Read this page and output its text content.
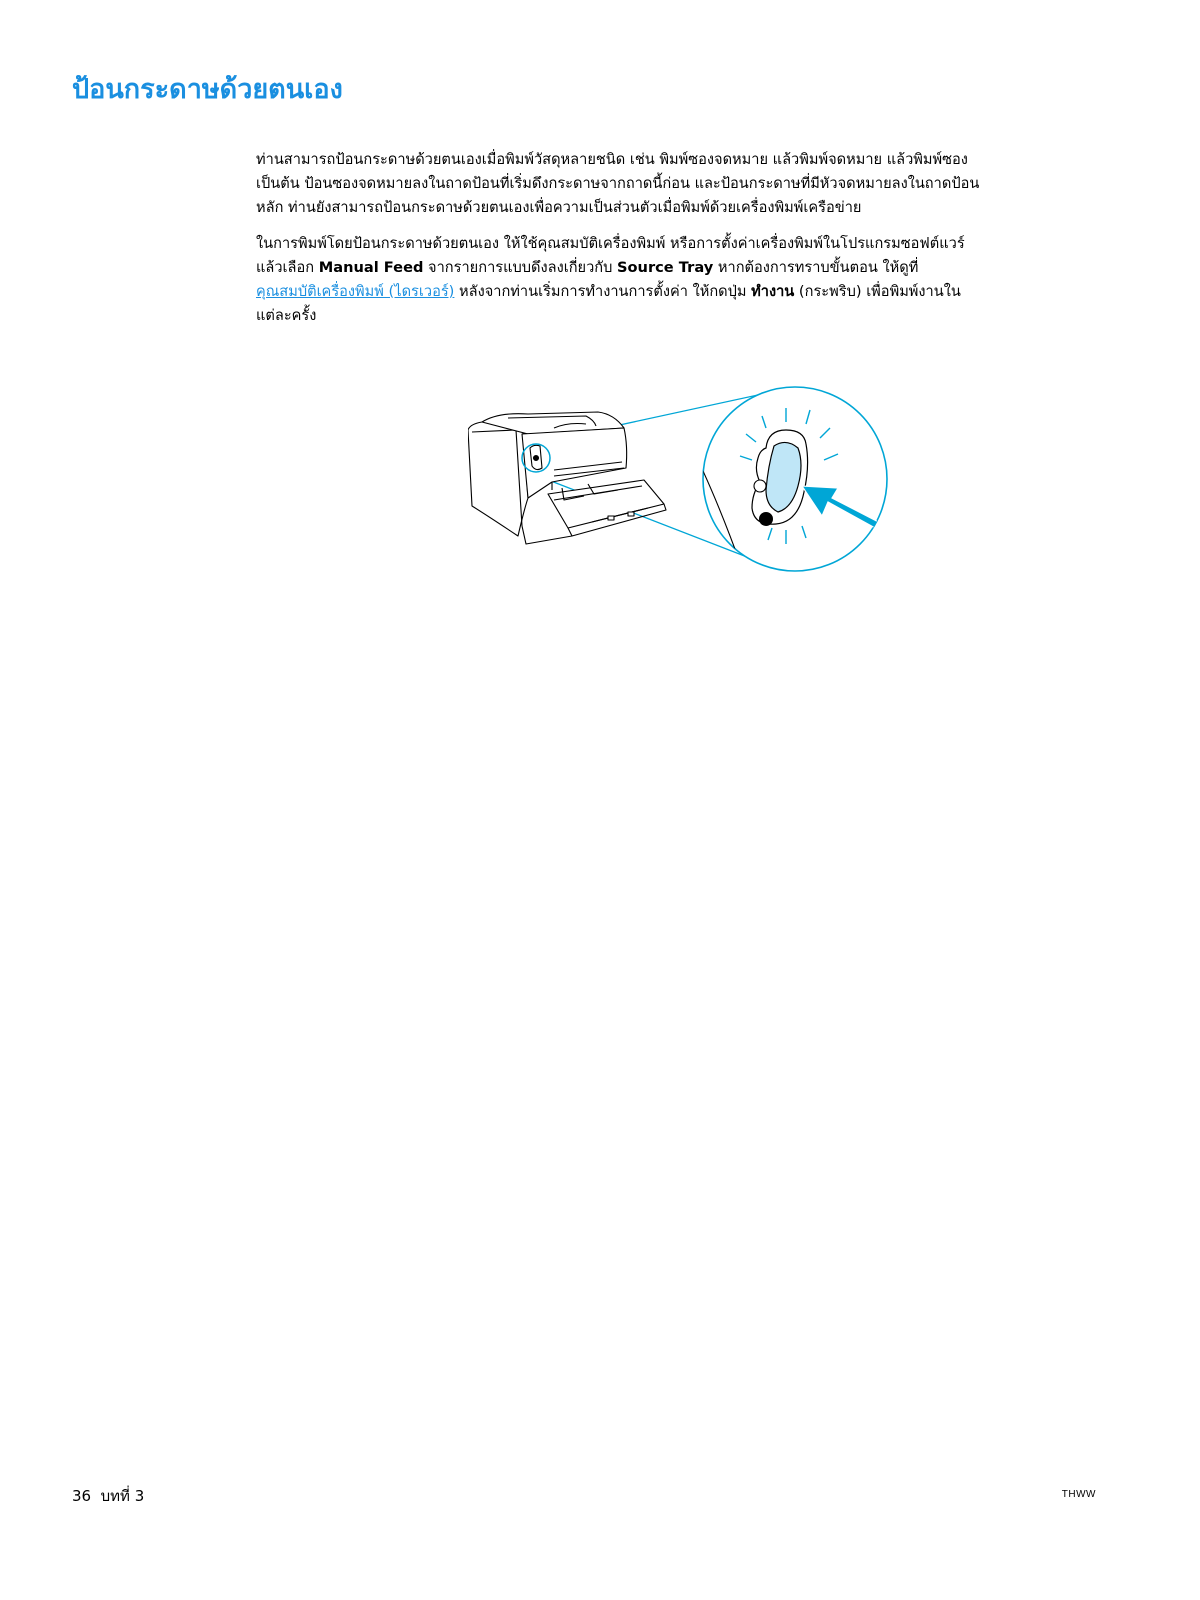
ป้อนกระดาษด้วยตนเอง

ท่านสามารถป้อนกระดาษด้วยตนเองเมื่อพิมพ์วัสดุหลายชนิด เช่น พิมพ์ซองจดหมาย แล้วพิมพ์จดหมาย แล้วพิมพ์ซอง
เป็นต้น ป้อนซองจดหมายลงในถาดป้อนที่เริ่มดึงกระดาษจากถาดนี้ก่อน และป้อนกระดาษที่มีหัวจดหมายลงในถาดป้อน
หลัก ท่านยังสามารถป้อนกระดาษด้วยตนเองเพื่อความเป็นส่วนตัวเมื่อพิมพ์ด้วยเครื่องพิมพ์เครือข่าย

ในการพิมพ์โดยป้อนกระดาษด้วยตนเอง ให้ใช้คุณสมบัติเครื่องพิมพ์ หรือการตั้งค่าเครื่องพิมพ์ในโปรแกรมซอฟต์แวร์
แล้วเลือก Manual Feed จากรายการแบบดึงลงเกี่ยวกับ Source Tray หากต้องการทราบขั้นตอน ให้ดูที่
คุณสมบัติเครื่องพิมพ์ (ไดรเวอร์) หลังจากท่านเริ่มการทำงานการตั้งค่า ให้กดปุ่ม ทำงาน (กระพริบ) เพื่อพิมพ์งานใน
แต่ละครั้ง

36 บทที่ 3	THWW
